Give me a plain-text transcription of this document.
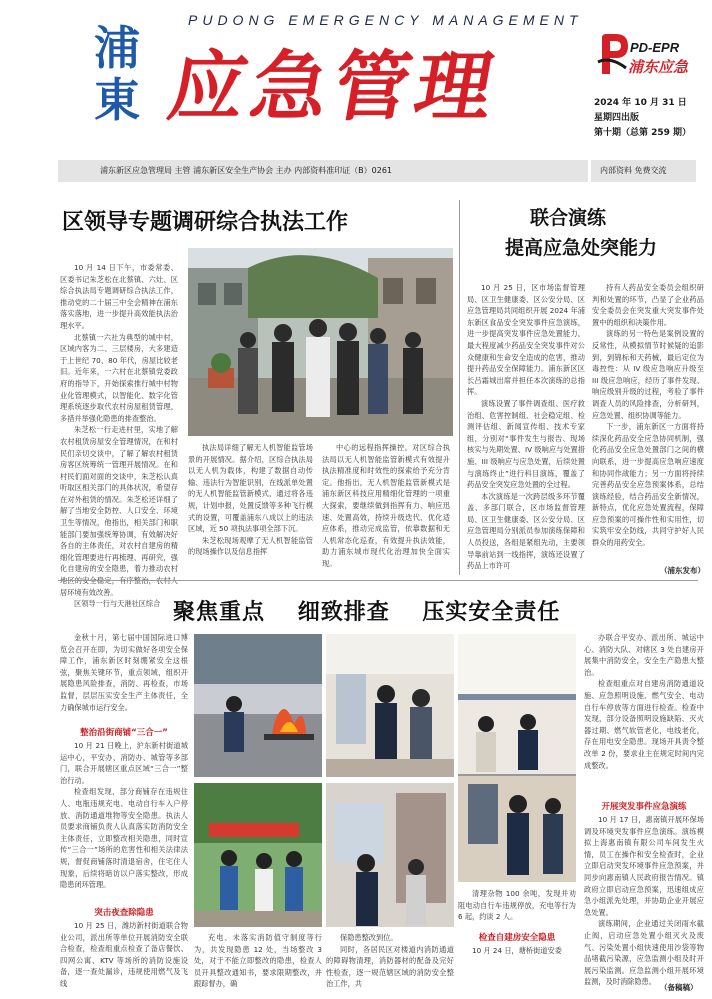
PUDONG EMERGENCY MANAGEMENT
浦
東 应急管理	PD-EPR
浦东应急
2024 年 10 月 31 日
星期四出版
第十期（总第 259 期）
浦东新区应急管理局 主管 浦东新区安全生产协会 主办 内部资料准印证（B）0261	内部资料 免费交流
区领导专题调研综合执法工作

10 月 14 日下午，市委常委、区委书记朱芝松在北蔡镇、六灶、区综合执法局专题调研综合执法工作，推动党的二十届三中全会精神在浦东落实落地，进一步提升高效能执法治理水平。

北蔡镇一六社为典型的城中村，区域内客为二、三层楼房，大多建造于上世纪 70、80 年代，房屋比较老旧。近年来，一六村在北蔡镇党委政府的指导下，开始探索推行城中村物业化管理模式，以智能化、数字化管理系统逐步取代农村房屋租赁管理，多措并举强化隐患的排查整治。

朱芝松一行走进村里，实地了解农村租赁房屋安全管理情况，在和村民们亲切交谈中，了解了解农村租赁房客区统筹统一管理开展情况。在和村民们面对面的交谈中，朱芝松认真听取区相关部门的具体状况，希望存在对外租赁的情况。朱芝松还详细了解了当地安全防控、人口安全、环境卫生等情况，他指出，相关部门和职能部门要加强统筹协调，有效解决好各自的主体责任，对农村自建房的精细化管理要进行再梳理、再研究，强化自建房的安全隐患，着力推动农村 居环境有效改善。

区领导一行与天港社区综合

执法局详细了解无人机智能监管场景的开展情况。据介绍，区综合执法局以无人机为载体，构建了数据自动传输、违法行为智能识别，在线派单处置的无人机智能监管新模式，通过将各违规，计划申报，处置反馈等多种飞行模式的设置，可覆盖浦东八成以上的违法区域，近 50 项执法事项全部下沉。

朱芝松现场观摩了无人机智能监管的现场操作以及信息指挥

中心的远程指挥操控。对区综合执法局以无人机智能监管新模式有效提升执法精准度和时效性的探索给予充分肯定。他指出，无人机智能监管新模式是浦东新区科技应用精细化管理的一项重大探索，要继续做到指挥有力、响应迅速、处置高效，持续升级迭代、优化适应体系，推动完成监管，依靠数据和无人机常态化巡查，有效提升执法效能，助力浦东城市现代化治理加快全面实现。

联合演练
提高应急处突能力

10 月 25 日，区市场监督管理局、区卫生健康委、区公安分局、区应急管理局共同组织开展 2024 年浦东新区食品安全突发事件应急演练，进一步提高突发事件应急处置能力，最大程度减少药品安全突发事件对公众健康和生命安全造成的危害，推动提升药品安全保障能力。浦东新区区长吕霜城出席并担任本次演练的总指挥。

演练设置了事件调查组、医疗救治组、危害控制组、社会稳定组、检测评估组、新闻宣传组、技术专家组，分别对“事件发生与报告、现场核实与先期处置、IV 级响应与处置措施、III 级响应与应急处置，后续处置与演练终止”进行科目演练，覆盖了药品安全突发应急处置的全过程。

本次演练是一次跨层级多环节覆盖、多部门联合，区市场监督管理局、区卫生健康委、区公安分局、区应急管理局分别派员参加演练保障和人员投送，各组是紧组先动，主要领导靠前站到一线指挥，演练还设置了药品上市许可

持有人药品安全委员会组织研判和处置的环节，凸显了企业药品安全委员会在突发重大突发事件处置中的组织和决策作用。

演练的另一特色是案例设置的反常性，从模拟情节时候疑的追影到，到锦标和天药械，最后定位为毒控性：从 IV 级应急响应升级至 III 级应急响应，经历了事件发现、响应级别升级的过程，考验了事件调查人员的风险排查，分析研判，应急处置、组织协调等能力。

下一步，浦东新区一方面将持续深化药品安全应急协同机制，强化药品安全应急处置部门之间的横向联系，进一步提高应急响应速度和协同作战能力；另一方面将持续完善药品安全应急预案体系，总结演练经验，结合药品安全新情况，新特点，优化应急处置流程，保障应急预案的可操作性和实用性，切实筑牢安全防线，共同守护好人民群众的用药安全。

（浦东发布）
聚焦重点 细致排查 压实安全责任

金秋十月，第七届中国国际进口博览会召开在即，为切实做好各项安全保障工作，浦东新区时刻绷紧安全这根弦，聚焦关键环节，重点领域，组织开展隐患风险排查，消防、再检查，市场监督，层层压实安全生产主体责任，全力确保城市运行安全。

整治沿街商铺“三合一”

10 月 21 日晚上，沪东新村街道城运中心，平安办、消防办、城管等多部门，联合开展辖区重点区域“三合一”整治行动。

检查组发现，部分商铺存在违规住人、电瓶违规充电、电动自行车入户停放、消防通道堆物等安全隐患。执法人员要求商铺负责人认真落实防消防安全主体责任，立即整改相关隐患，同时宣传“三合一”场所的危害性和相关法律法规，督促商铺落时清退宿舍，住宅住人现象，后续将暗访以户落实整改，形成隐患闭环管理。

突击夜查除隐患

10 月 25 日，潍坊新村街道联合物业公司，派出所等单位开展消防安全联合检查，检查组重点检查了备店餐饮、四网公寓、KTV 等场所的消防设施设备，逐一查处漏诊，违规使用燃气及飞线

充电、未落实消防值守制度等行为，共发现隐患 12 处，当场整改 3 处，对于不能立即整改的隐患，检查人员开具整改通知书，要求限期整改，并跟踪督办，确

保隐患整改到位。

同时，各居民区对楼道内消防通道的障碍物清理，消防器材的配备及完好性检查，逐一规范辖区域的消防安全整治工作，共

清理杂物 100 余吨，发现并劝阻电动自行车违规停放，充电等行为 6 起，约谈 2 人。

检查自建房安全隐患

10 月 24 日，塘桥街道安委

办联合平安办、派出所、城运中心、消防大队、对辖区 3 处自建房开展集中消防安全，安全生产隐患大整治。

检查组重点对自建房消防通道设施、应急照明设施、燃气安全、电动自行车停放等方面进行检查。检查中发现，部分设备照明设施缺陷、灭火器过期、燃气软管老化，电线老化，存在用电安全隐患。现场开具责令整改单 2 份，要求业主在规定时间内完成整改。

开展突发事件应急演练

10 月 17 日，惠南镇开展环保场调及环境突发事件应急演练。演练模拟上海惠南镇有限公司车间发生火情，员工在操作和安全检查时，企业立即启动突发环境事件应急预案，并同步向惠南镇人民政府报告情况。镇政府立即启动应急预案，迅速组成应急小组派先处理，并协助企业开展应急处置。

演练期间，企业通过关闭雨水截止阀，启动应急处置小组灭火及废气、污染处置小组快速使用沙袋等物品堵截污染源，应急监测小组及时开展污染监测。应急监测小组开展环境监测，及时消除隐患。

（备稿稿）
